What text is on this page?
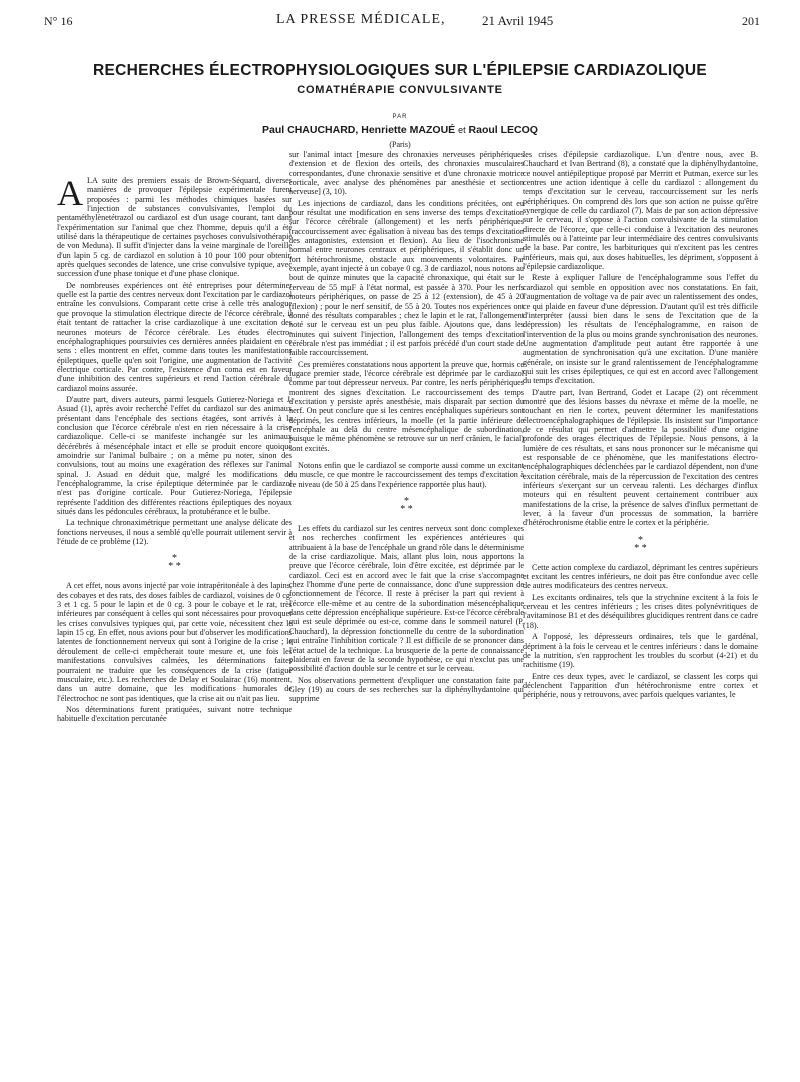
N° 16	LA PRESSE MÉDICALE,	21 Avril 1945	201
RECHERCHES ÉLECTROPHYSIOLOGIQUES SUR L'ÉPILEPSIE CARDIAZOLIQUE
COMATHÉRAPIE CONVULSIVANTE
PAR
Paul CHAUCHARD, Henriette MAZOUÉ et Raoul LECOQ
(Paris)

ALA suite des premiers essais de Brown-Séquard, diverses manières de provoquer l'épilepsie expérimentale furent proposées : parmi les méthodes chimiques basées sur l'injection de substances convulsivantes, l'emploi du pentaméthylènetétrazol ou cardiazol est d'un usage courant, tant dans l'expérimentation sur l'animal que chez l'homme, depuis qu'il a été utilisé dans la thérapeutique de certaines psychoses convulsivothérapie de von Meduna). Il suffit d'injecter dans la veine marginale de l'oreille d'un lapin 5 cg. de cardiazol en solution à 10 pour 100 pour obtenir, après quelques secondes de latence, une crise convulsive typique, avec succession d'une phase tonique et d'une phase clonique.

De nombreuses expériences ont été entreprises pour déterminer quelle est la partie des centres nerveux dont l'excitation par le cardiazol entraîne les convulsions. Comparant cette crise à celle très analogue que provoque la stimulation électrique directe de l'écorce cérébrale, il était tentant de rattacher la crise cardiazolique à une excitation des neurones moteurs de l'écorce cérébrale. Les études électro-encéphalographiques poursuivies ces dernières années plaidaient en ce sens : elles montrent en effet, comme dans toutes les manifestations épileptiques, quelle qu'en soit l'origine, une augmentation de l'activité électrique corticale. Par contre, l'existence d'un coma est en faveur d'une inhibition des centres supérieurs et rend l'action cérébrale du cardiazol moins assurée.

D'autre part, divers auteurs, parmi lesquels Gutierez-Noriega et J. Asuad (1), après avoir recherché l'effet du cardiazol sur des animaux présentant dans l'encéphale des sections étagées, sont arrivés à la conclusion que l'écorce cérébrale n'est en rien nécessaire à la crise cardiazolique. Celle-ci se manifeste inchangée sur les animaux décérébrés à mésencéphale intact et elle se produit encore quoique amoindrie sur l'animal bulbaire ; on a même pu noter, sinon des convulsions, tout au moins une exagération des réflexes sur l'animal spinal. J. Asuad en déduit que, malgré les modifications de l'encéphalogramme, la crise épileptique déterminée par le cardiazol n'est pas d'origine corticale. Pour Gutierez-Noriega, l'épilepsie représente l'addition des différentes réactions épileptiques des noyaux situés dans les pédoncules cérébraux, la protubérance et le bulbe.

La technique chronaximétrique permettant une analyse délicate des fonctions nerveuses, il nous a semblé qu'elle pourrait utilement servir à l'étude de ce problème (12).

*
* *

A cet effet, nous avons injecté par voie intrapéritonéale à des lapins, des cobayes et des rats, des doses faibles de cardiazol, voisines de 0 cg. 3 et 1 cg. 5 pour le lapin et de 0 cg. 3 pour le cobaye et le rat, très inférieures par conséquent à celles qui sont nécessaires pour provoquer les crises convulsives typiques qui, par cette voie, nécessitent chez le lapin 15 cg. En effet, nous avions pour but d'observer les modifications latentes de fonctionnement nerveux qui sont à l'origine de la crise ; le déroulement de celle-ci empêcherait toute mesure et, une fois les manifestations convulsives calmées, les déterminations faites pourraient ne traduire que les conséquences de la crise (fatigue musculaire, etc.). Les recherches de Delay et Soulairac (16) montrent, dans un autre domaine, que les modifications humorales de l'électrochoc ne sont pas identiques, que la crise ait ou n'ait pas lieu.

Nos déterminations furent pratiquées, suivant notre technique habituelle d'excitation percutanée

sur l'animal intact [mesure des chronaxies nerveuses périphériques d'extension et de flexion des orteils, des chronaxies musculaires correspondantes, d'une chronaxie sensitive et d'une chronaxie motrice corticale, avec analyse des phénomènes par anesthésie et section nerveuse] (3, 10).

Les injections de cardiazol, dans les conditions précitées, ont eu pour résultat une modification en sens inverse des temps d'excitation sur l'écorce cérébrale (allongement) et les nerfs périphériques (raccourcissement avec égalisation à niveau bas des temps d'excitation des antagonistes, extension et flexion). Au lieu de l'isochronisme normal entre neurones centraux et périphériques, il s'établit donc un fort hétérochronisme, obstacle aux mouvements volontaires. Par exemple, ayant injecté à un cobaye 0 cg. 3 de cardiazol, nous notons au bout de quinze minutes que la capacité chronaxique, qui était sur le cerveau de 55 mµF à l'état normal, est passée à 370. Pour les nerfs moteurs périphériques, on passe de 25 à 12 (extension), de 45 à 20 (flexion) ; pour le nerf sensitif, de 55 à 20. Toutes nos expériences ont donné des résultats comparables ; chez le lapin et le rat, l'allongement noté sur le cerveau est un peu plus faible. Ajoutons que, dans les minutes qui suivent l'injection, l'allongement des temps d'excitation cérébrale n'est pas immédiat ; il est parfois précédé d'un court stade de faible raccourcissement.

Ces premières constatations nous apportent la preuve que, hormis ce fugace premier stade, l'écorce cérébrale est déprimée par le cardiazol comme par tout dépresseur nerveux. Par contre, les nerfs périphériques montrent des signes d'excitation. Le raccourcissement des temps d'excitation y persiste après anesthésie, mais disparaît par section du nerf. On peut conclure que si les centres encéphaliques supérieurs sont déprimés, les centres inférieurs, la moelle (et la partie inférieure de l'encéphale au delà du centre mésencéphalique de subordination, puisque le même phénomène se retrouve sur un nerf crânien, le facial) sont excités.

Notons enfin que le cardiazol se comporte aussi comme un excitant du muscle, ce que montre le raccourcissement des temps d'excitation à ce niveau (de 50 à 25 dans l'expérience rapportée plus haut).

*
* *

Les effets du cardiazol sur les centres nerveux sont donc complexes et nos recherches confirment les expériences antérieures qui attribuaient à la base de l'encéphale un grand rôle dans le déterminisme de la crise cardiazolique. Mais, allant plus loin, nous apportons la preuve que l'écorce cérébrale, loin d'être excitée, est déprimée par le cardiazol. Ceci est en accord avec le fait que la crise s'accompagne chez l'homme d'une perte de connaissance, donc d'une suppression de fonctionnement de l'écorce. Il reste à préciser la part qui revient à l'écorce elle-même et au centre de la subordination mésencéphalique dans cette dépression encéphalique supérieure. Est-ce l'écorce cérébrale qui est seule déprimée ou est-ce, comme dans le sommeil naturel (P. Chauchard), la dépression fonctionnelle du centre de la subordination qui entraîne l'inhibition corticale ? Il est difficile de se prononcer dans l'état actuel de la technique. La brusquerie de la perte de connaissance plaiderait en faveur de la seconde hypothèse, ce qui n'exclut pas une possibilité d'action double sur le centre et sur le cerveau.

Nos observations permettent d'expliquer une constatation faite par Gley (19) au cours de ses recherches sur la diphénylhydantoïne qui supprime

les crises d'épilepsie cardiazolique. L'un d'entre nous, avec B. Chauchard et Ivan Bertrand (8), a constaté que la diphénylhydantoïne, ce nouvel antiépileptique proposé par Merritt et Putman, exerce sur les centres une action identique à celle du cardiazol : allongement du temps d'excitation sur le cerveau, raccourcissement sur les nerfs périphériques. On comprend dès lors que son action ne puisse qu'être synergique de celle du cardiazol (7). Mais de par son action dépressive sur le cerveau, il s'oppose à l'action convulsivante de la stimulation directe de l'écorce, que celle-ci conduise à l'excitation des neurones stimulés ou à l'atteinte par leur intermédiaire des centres convulsivants de la base. Par contre, les barbituriques qui n'excitent pas les centres inférieurs, mais qui, aux doses habituelles, les dépriment, s'opposent à l'épilepsie cardiazolique.

Reste à expliquer l'allure de l'encéphalogramme sous l'effet du cardiazol qui semble en opposition avec nos constatations. En fait, l'augmentation de voltage va de pair avec un ralentissement des ondes, ce qui plaide en faveur d'une dépression. D'autant qu'il est très difficile d'interpréter (aussi bien dans le sens de l'excitation que de la dépression) les résultats de l'encéphalogramme, en raison de l'intervention de la plus ou moins grande synchronisation des neurones. Une augmentation d'amplitude peut autant être rapportée à une augmentation de synchronisation qu'à une excitation. D'une manière générale, on insiste sur le grand ralentissement de l'encéphalogramme qui suit les crises épileptiques, ce qui est en accord avec l'allongement du temps d'excitation.

D'autre part, Ivan Bertrand, Godet et Lacape (2) ont récemment montré que des lésions basses du névraxe et même de la moelle, ne touchant en rien le cortex, peuvent déterminer les manifestations électroencéphalographiques de l'épilepsie. Ils insistent sur l'importance de ce résultat qui permet d'admettre la possibilité d'une origine profonde des orages électriques de l'épilepsie. Nous pensons, à la lumière de ces résultats, et sans nous prononcer sur le mécanisme qui est responsable de ce phénomène, que les manifestations électro-encéphalographiques déclenchées par le cardiazol dépendent, non d'une excitation cérébrale, mais de la répercussion de l'excitation des centres inférieurs s'exerçant sur un cerveau ralenti. Les décharges d'influx moteurs qui en résultent peuvent certainement contribuer aux manifestations de la crise, la présence de salves d'influx permettant de lever, à la faveur d'un processus de sommation, la barrière d'hétérochronisme établie entre le cortex et la périphérie.

*
* *

Cette action complexe du cardiazol, déprimant les centres supérieurs et excitant les centres inférieurs, ne doit pas être confondue avec celle de autres modificateurs des centres nerveux.

Les excitants ordinaires, tels que la strychnine excitent à la fois le cerveau et les centres inférieurs ; les crises dites polynévritiques de l'avitaminose B1 et des déséquilibres glucidiques rentrent dans ce cadre (18).

A l'opposé, les dépresseurs ordinaires, tels que le gardénal, dépriment à la fois le cerveau et le centres inférieurs : dans le domaine de la nutrition, s'en rapprochent les troubles du scorbut (4-21) et du rachitisme (19).

Entre ces deux types, avec le cardiazol, se classent les corps qui déclenchent l'apparition d'un hétérochronisme entre cortex et périphérie, nous y retrouvons, avec parfois quelques variantes, le
